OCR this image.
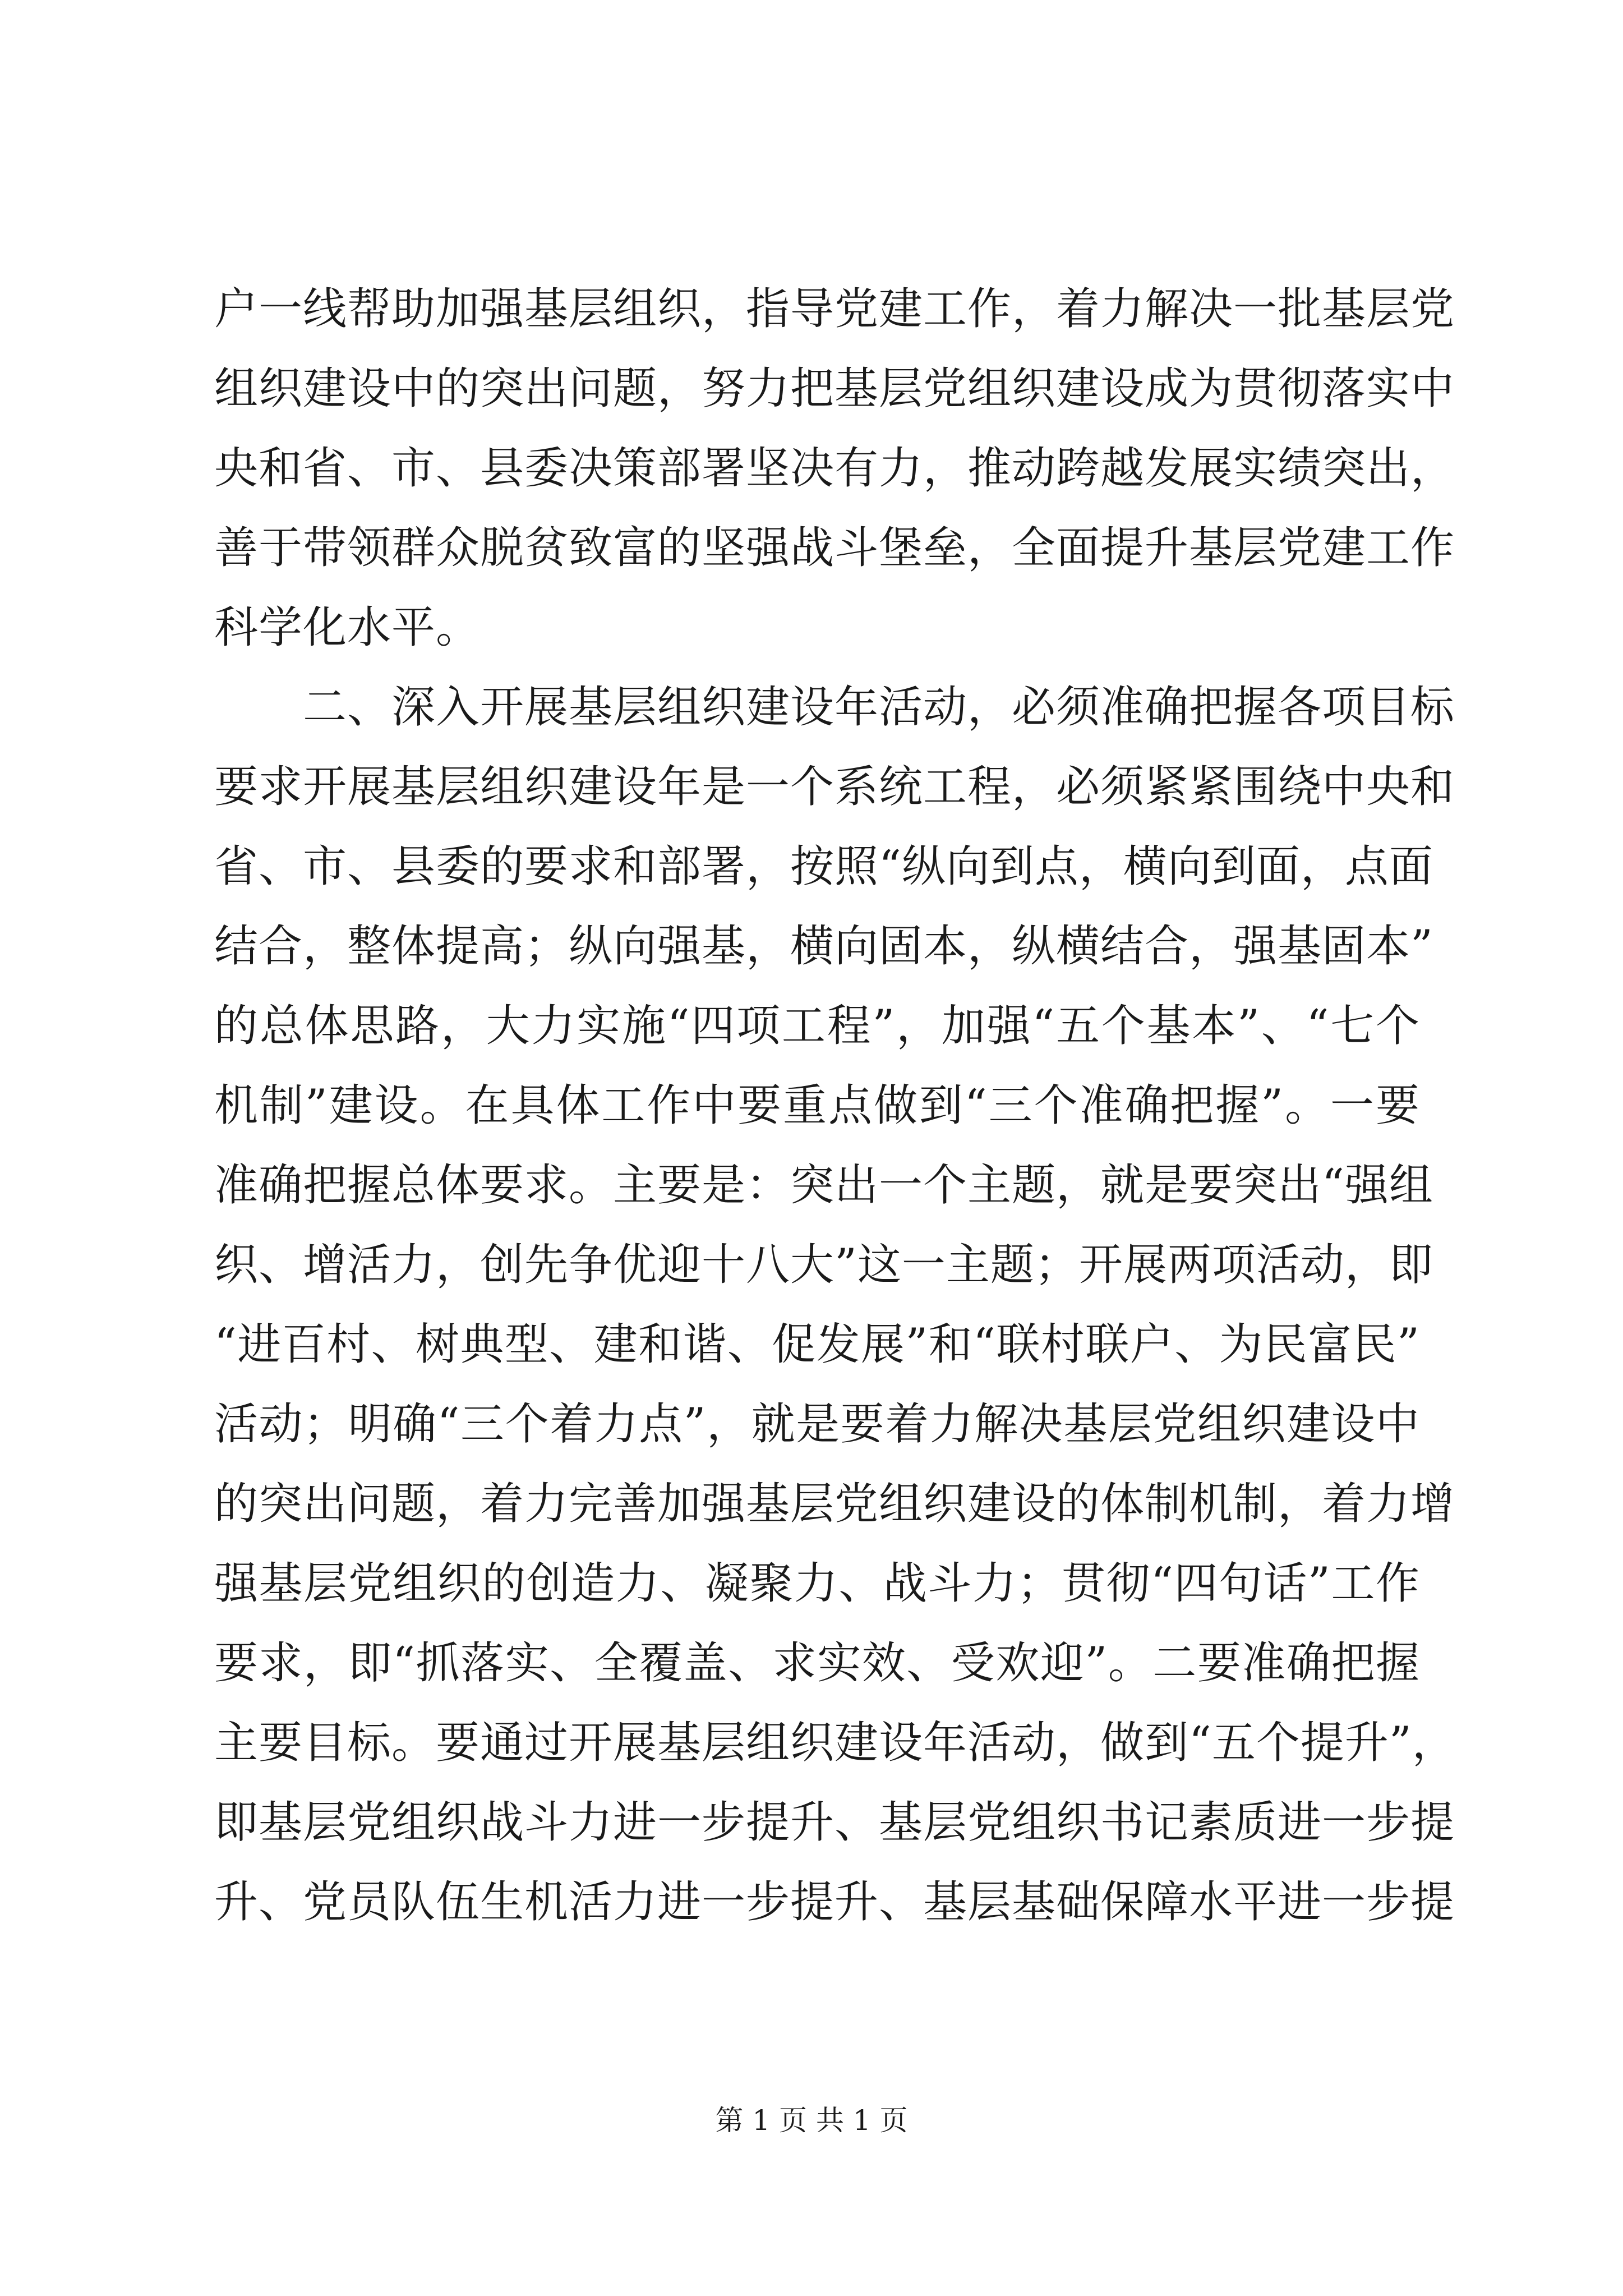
户一线帮助加强基层组织，指导党建工作，着力解决一批基层党
组织建设中的突出问题，努力把基层党组织建设成为贯彻落实中
央和省、市、县委决策部署坚决有力，推动跨越发展实绩突出，
善于带领群众脱贫致富的坚强战斗堡垒，全面提升基层党建工作
科学化水平。
二、深入开展基层组织建设年活动，必须准确把握各项目标
要求开展基层组织建设年是一个系统工程，必须紧紧围绕中央和
省、市、县委的要求和部署，按照“纵向到点，横向到面，点面
结合，整体提高；纵向强基，横向固本，纵横结合，强基固本”
的总体思路，大力实施“四项工程”，加强“五个基本”、“七个
机制”建设。在具体工作中要重点做到“三个准确把握”。一要
准确把握总体要求。主要是：突出一个主题，就是要突出“强组
织、增活力，创先争优迎十八大”这一主题；开展两项活动，即
“进百村、树典型、建和谐、促发展”和“联村联户、为民富民”
活动；明确“三个着力点”，就是要着力解决基层党组织建设中
的突出问题，着力完善加强基层党组织建设的体制机制，着力增
强基层党组织的创造力、凝聚力、战斗力；贯彻“四句话”工作
要求，即“抓落实、全覆盖、求实效、受欢迎”。二要准确把握
主要目标。要通过开展基层组织建设年活动，做到“五个提升”，
即基层党组织战斗力进一步提升、基层党组织书记素质进一步提
升、党员队伍生机活力进一步提升、基层基础保障水平进一步提
第 1 页 共 1 页
